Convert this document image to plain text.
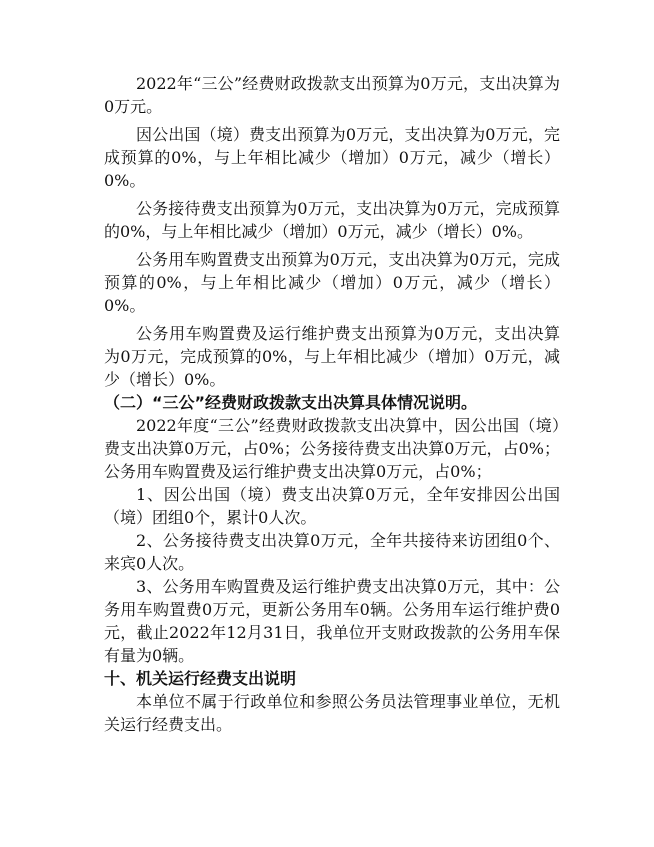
2022年“三公”经费财政拨款支出预算为0万元，支出决算为0万元。

因公出国（境）费支出预算为0万元，支出决算为0万元，完成预算的0%，与上年相比减少（增加）0万元，减少（增长）0%。

公务接待费支出预算为0万元，支出决算为0万元，完成预算的0%，与上年相比减少（增加）0万元，减少（增长）0%。

公务用车购置费支出预算为0万元，支出决算为0万元，完成预算的0%，与上年相比减少（增加）0万元，减少（增长）0%。

公务用车购置费及运行维护费支出预算为0万元，支出决算为0万元，完成预算的0%，与上年相比减少（增加）0万元，减少（增长）0%。

（二）“三公”经费财政拨款支出决算具体情况说明。

2022年度“三公”经费财政拨款支出决算中，因公出国（境）费支出决算0万元，占0%；公务接待费支出决算0万元，占0%；公务用车购置费及运行维护费支出决算0万元，占0%；

1、因公出国（境）费支出决算0万元，全年安排因公出国（境）团组0个，累计0人次。

2、公务接待费支出决算0万元，全年共接待来访团组0个、来宾0人次。

3、公务用车购置费及运行维护费支出决算0万元，其中：公务用车购置费0万元，更新公务用车0辆。公务用车运行维护费0元，截止2022年12月31日，我单位开支财政拨款的公务用车保有量为0辆。

十、机关运行经费支出说明

本单位不属于行政单位和参照公务员法管理事业单位，无机关运行经费支出。
